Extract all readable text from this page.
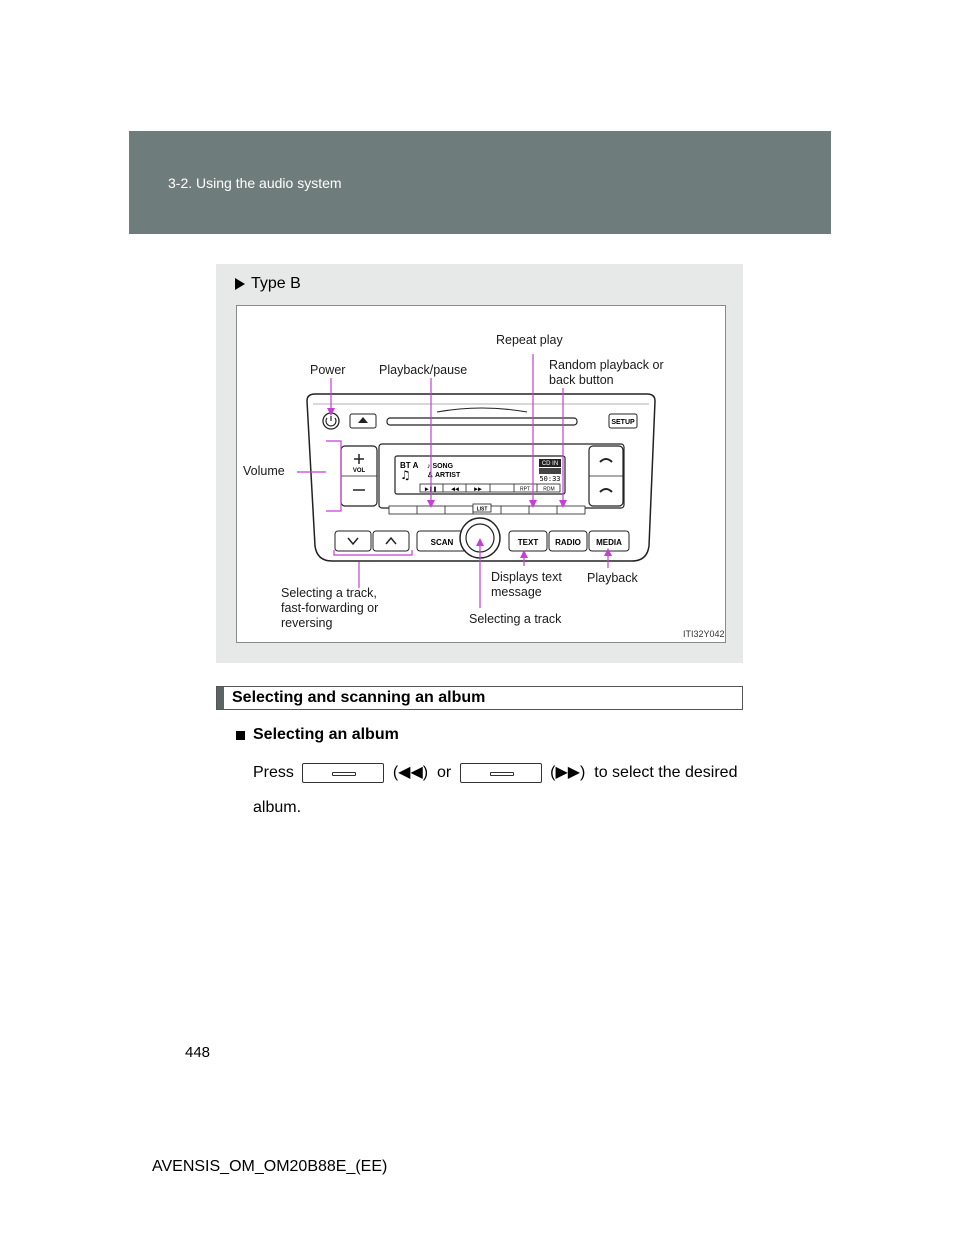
3-2. Using the audio system
Type B
SETUP
VOL
BT A ♪ SONG
♙ ARTIST
♫
CD IN
50:33
▶❚❚	◀◀	▶▶	RPT	RDM
LIST
SCAN	TEXT RADIO MEDIA
Repeat play
Power	Playback/pause	Random playback or
back button
Volume
Selecting a track,
fast-forwarding or
reversing
Displays text
message
Playback
Selecting a track
ITI32Y042
Selecting and scanning an album
Selecting an album
Press	(◀◀) or	(▶▶) to select the desired
album.
448
AVENSIS_OM_OM20B88E_(EE)
